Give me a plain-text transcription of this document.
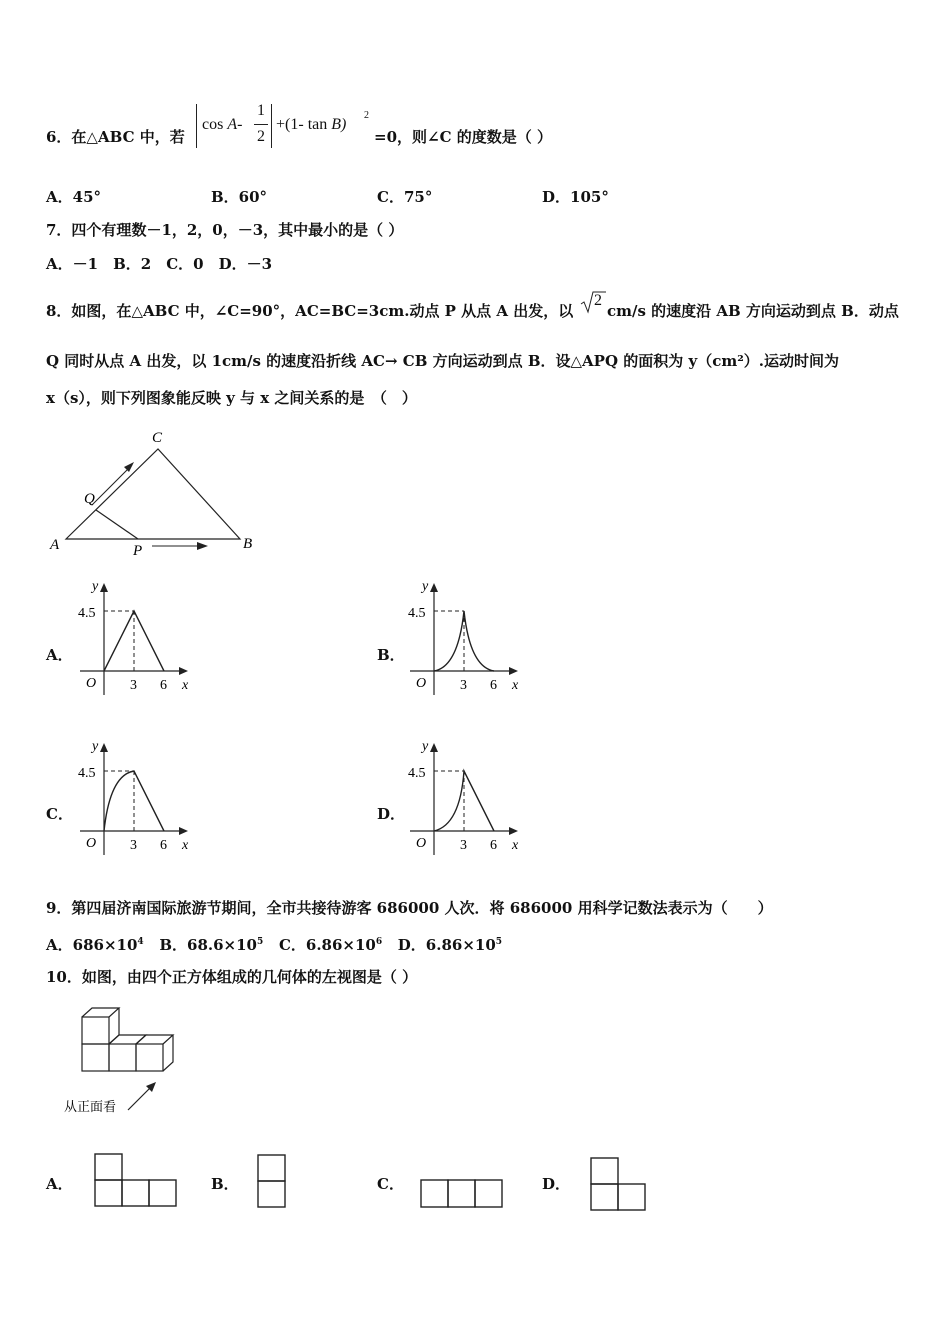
6．在△ABC 中，若
cos A-
1
2
+(1- tan B)
2
=0，则∠C 的度数是（ ）
A．45°	B．60°	C．75°	D．105°
7．四个有理数－1，2，0，－3，其中最小的是（ ）
A．－1　B．2　C．0　D．－3
8．如图，在△ABC 中，∠C=90°，AC=BC=3cm.动点 P 从点 A 出发，以
2
cm/s 的速度沿 AB 方向运动到点 B．动点
Q 同时从点 A 出发，以 1cm/s 的速度沿折线 AC→ CB 方向运动到点 B．设△APQ 的面积为 y（cm²）.运动时间为
x（s），则下列图象能反映 y 与 x 之间关系的是　（　）
C
Q
A	P	B
A．	B．
C．	D．
y
4.5
O 3 6 x
y
4.5
O 3 6 x
y
4.5
O 3 6 x
y
4.5
O 3 6 x
9．第四届济南国际旅游节期间，全市共接待游客 686000 人次．将 686000 用科学记数法表示为（　　）
A．$686\times 10^4$ B．$68.6\times 10^5$ C．$6.86\times 10^6$ D．$6.86\times 10^5$
10．如图，由四个正方体组成的几何体的左视图是（ ）
从正面看
A．	B．	C．	D．
